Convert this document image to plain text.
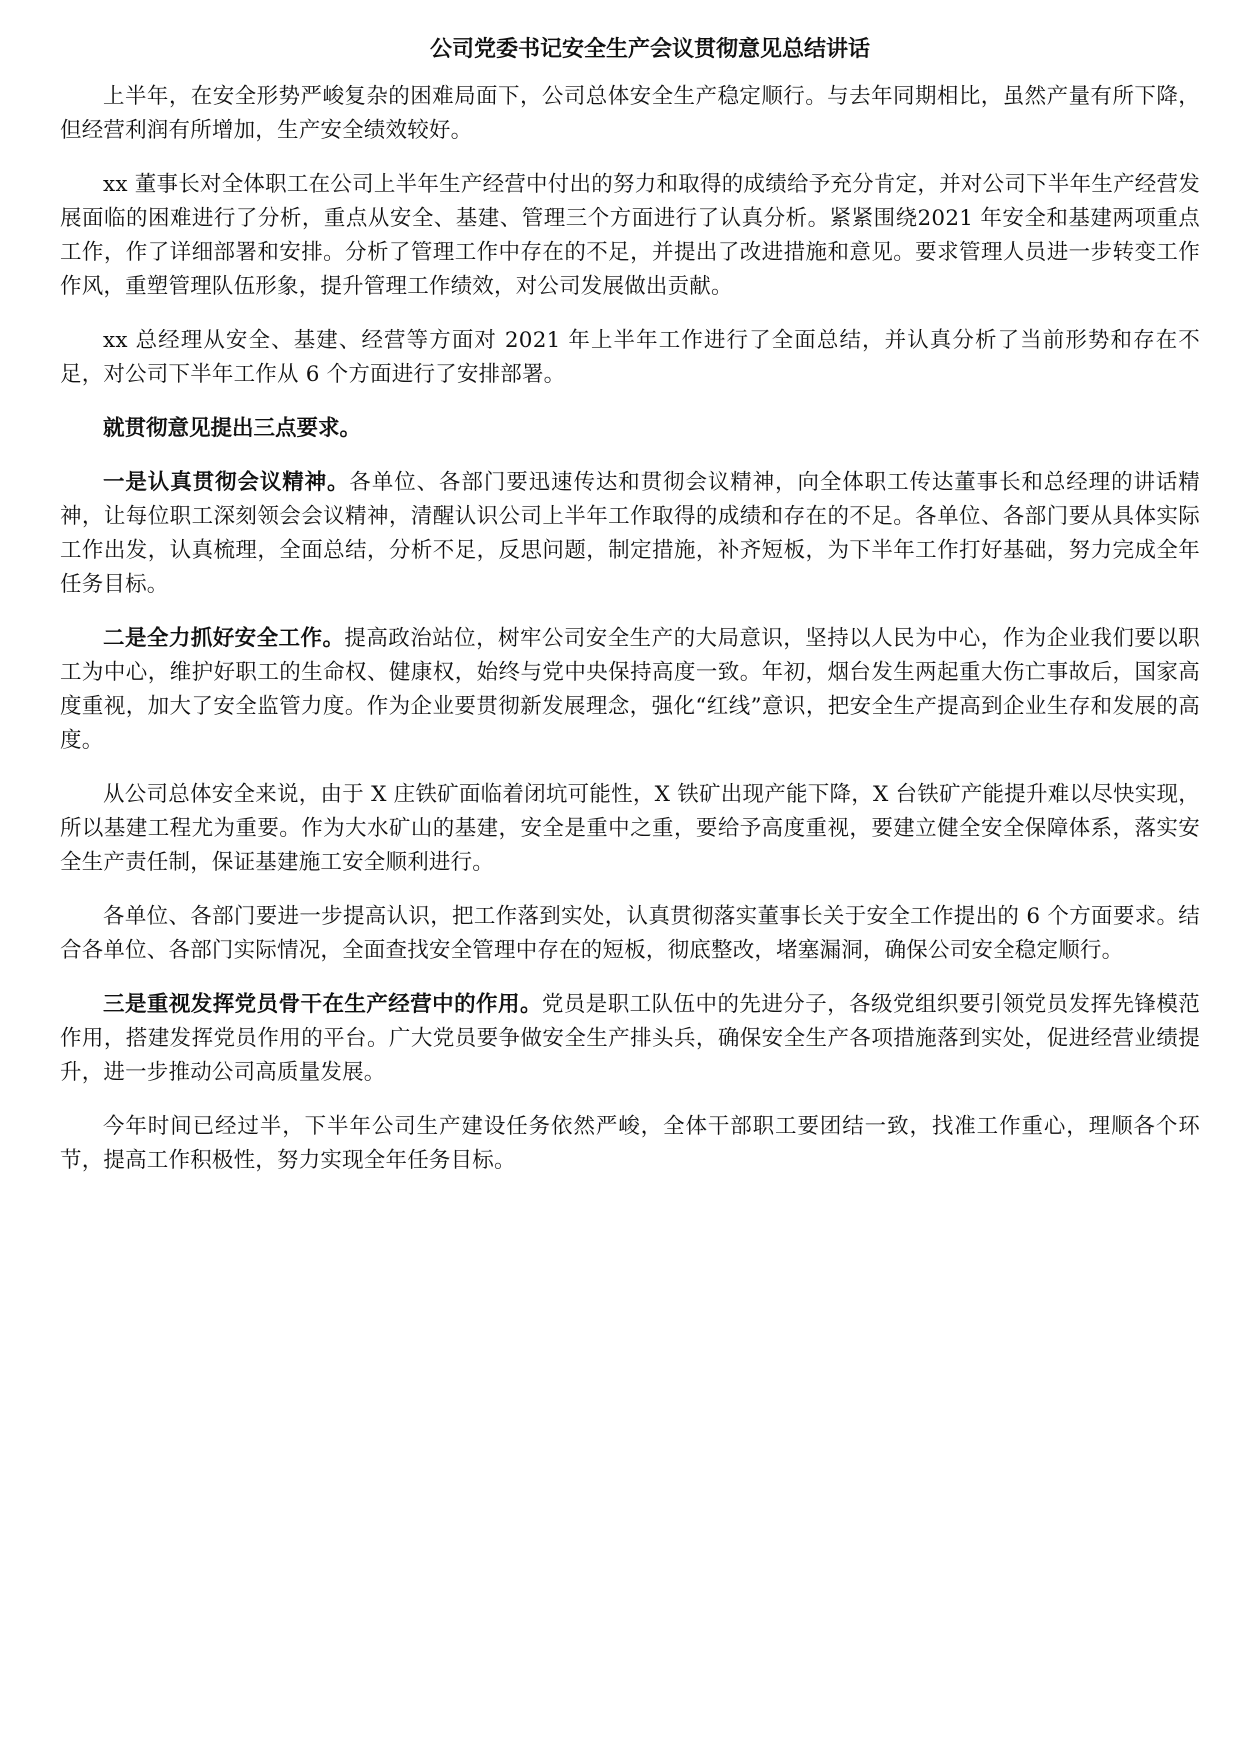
公司党委书记安全生产会议贯彻意见总结讲话

上半年，在安全形势严峻复杂的困难局面下，公司总体安全生产稳定顺行。与去年同期相比，虽然产量有所下降，但经营利润有所增加，生产安全绩效较好。

xx 董事长对全体职工在公司上半年生产经营中付出的努力和取得的成绩给予充分肯定，并对公司下半年生产经营发展面临的困难进行了分析，重点从安全、基建、管理三个方面进行了认真分析。紧紧围绕2021 年安全和基建两项重点工作，作了详细部署和安排。分析了管理工作中存在的不足，并提出了改进措施和意见。要求管理人员进一步转变工作作风，重塑管理队伍形象，提升管理工作绩效，对公司发展做出贡献。

xx 总经理从安全、基建、经营等方面对 2021 年上半年工作进行了全面总结，并认真分析了当前形势和存在不足，对公司下半年工作从 6 个方面进行了安排部署。

就贯彻意见提出三点要求。

一是认真贯彻会议精神。各单位、各部门要迅速传达和贯彻会议精神，向全体职工传达董事长和总经理的讲话精神，让每位职工深刻领会会议精神，清醒认识公司上半年工作取得的成绩和存在的不足。各单位、各部门要从具体实际工作出发，认真梳理，全面总结，分析不足，反思问题，制定措施，补齐短板，为下半年工作打好基础，努力完成全年任务目标。

二是全力抓好安全工作。提高政治站位，树牢公司安全生产的大局意识，坚持以人民为中心，作为企业我们要以职工为中心，维护好职工的生命权、健康权，始终与党中央保持高度一致。年初，烟台发生两起重大伤亡事故后，国家高度重视，加大了安全监管力度。作为企业要贯彻新发展理念，强化“红线”意识，把安全生产提高到企业生存和发展的高度。

从公司总体安全来说，由于 X 庄铁矿面临着闭坑可能性，X 铁矿出现产能下降，X 台铁矿产能提升难以尽快实现，所以基建工程尤为重要。作为大水矿山的基建，安全是重中之重，要给予高度重视，要建立健全安全保障体系，落实安全生产责任制，保证基建施工安全顺利进行。

各单位、各部门要进一步提高认识，把工作落到实处，认真贯彻落实董事长关于安全工作提出的 6 个方面要求。结合各单位、各部门实际情况，全面查找安全管理中存在的短板，彻底整改，堵塞漏洞，确保公司安全稳定顺行。

三是重视发挥党员骨干在生产经营中的作用。党员是职工队伍中的先进分子，各级党组织要引领党员发挥先锋模范作用，搭建发挥党员作用的平台。广大党员要争做安全生产排头兵，确保安全生产各项措施落到实处，促进经营业绩提升，进一步推动公司高质量发展。

今年时间已经过半，下半年公司生产建设任务依然严峻，全体干部职工要团结一致，找准工作重心，理顺各个环节，提高工作积极性，努力实现全年任务目标。
